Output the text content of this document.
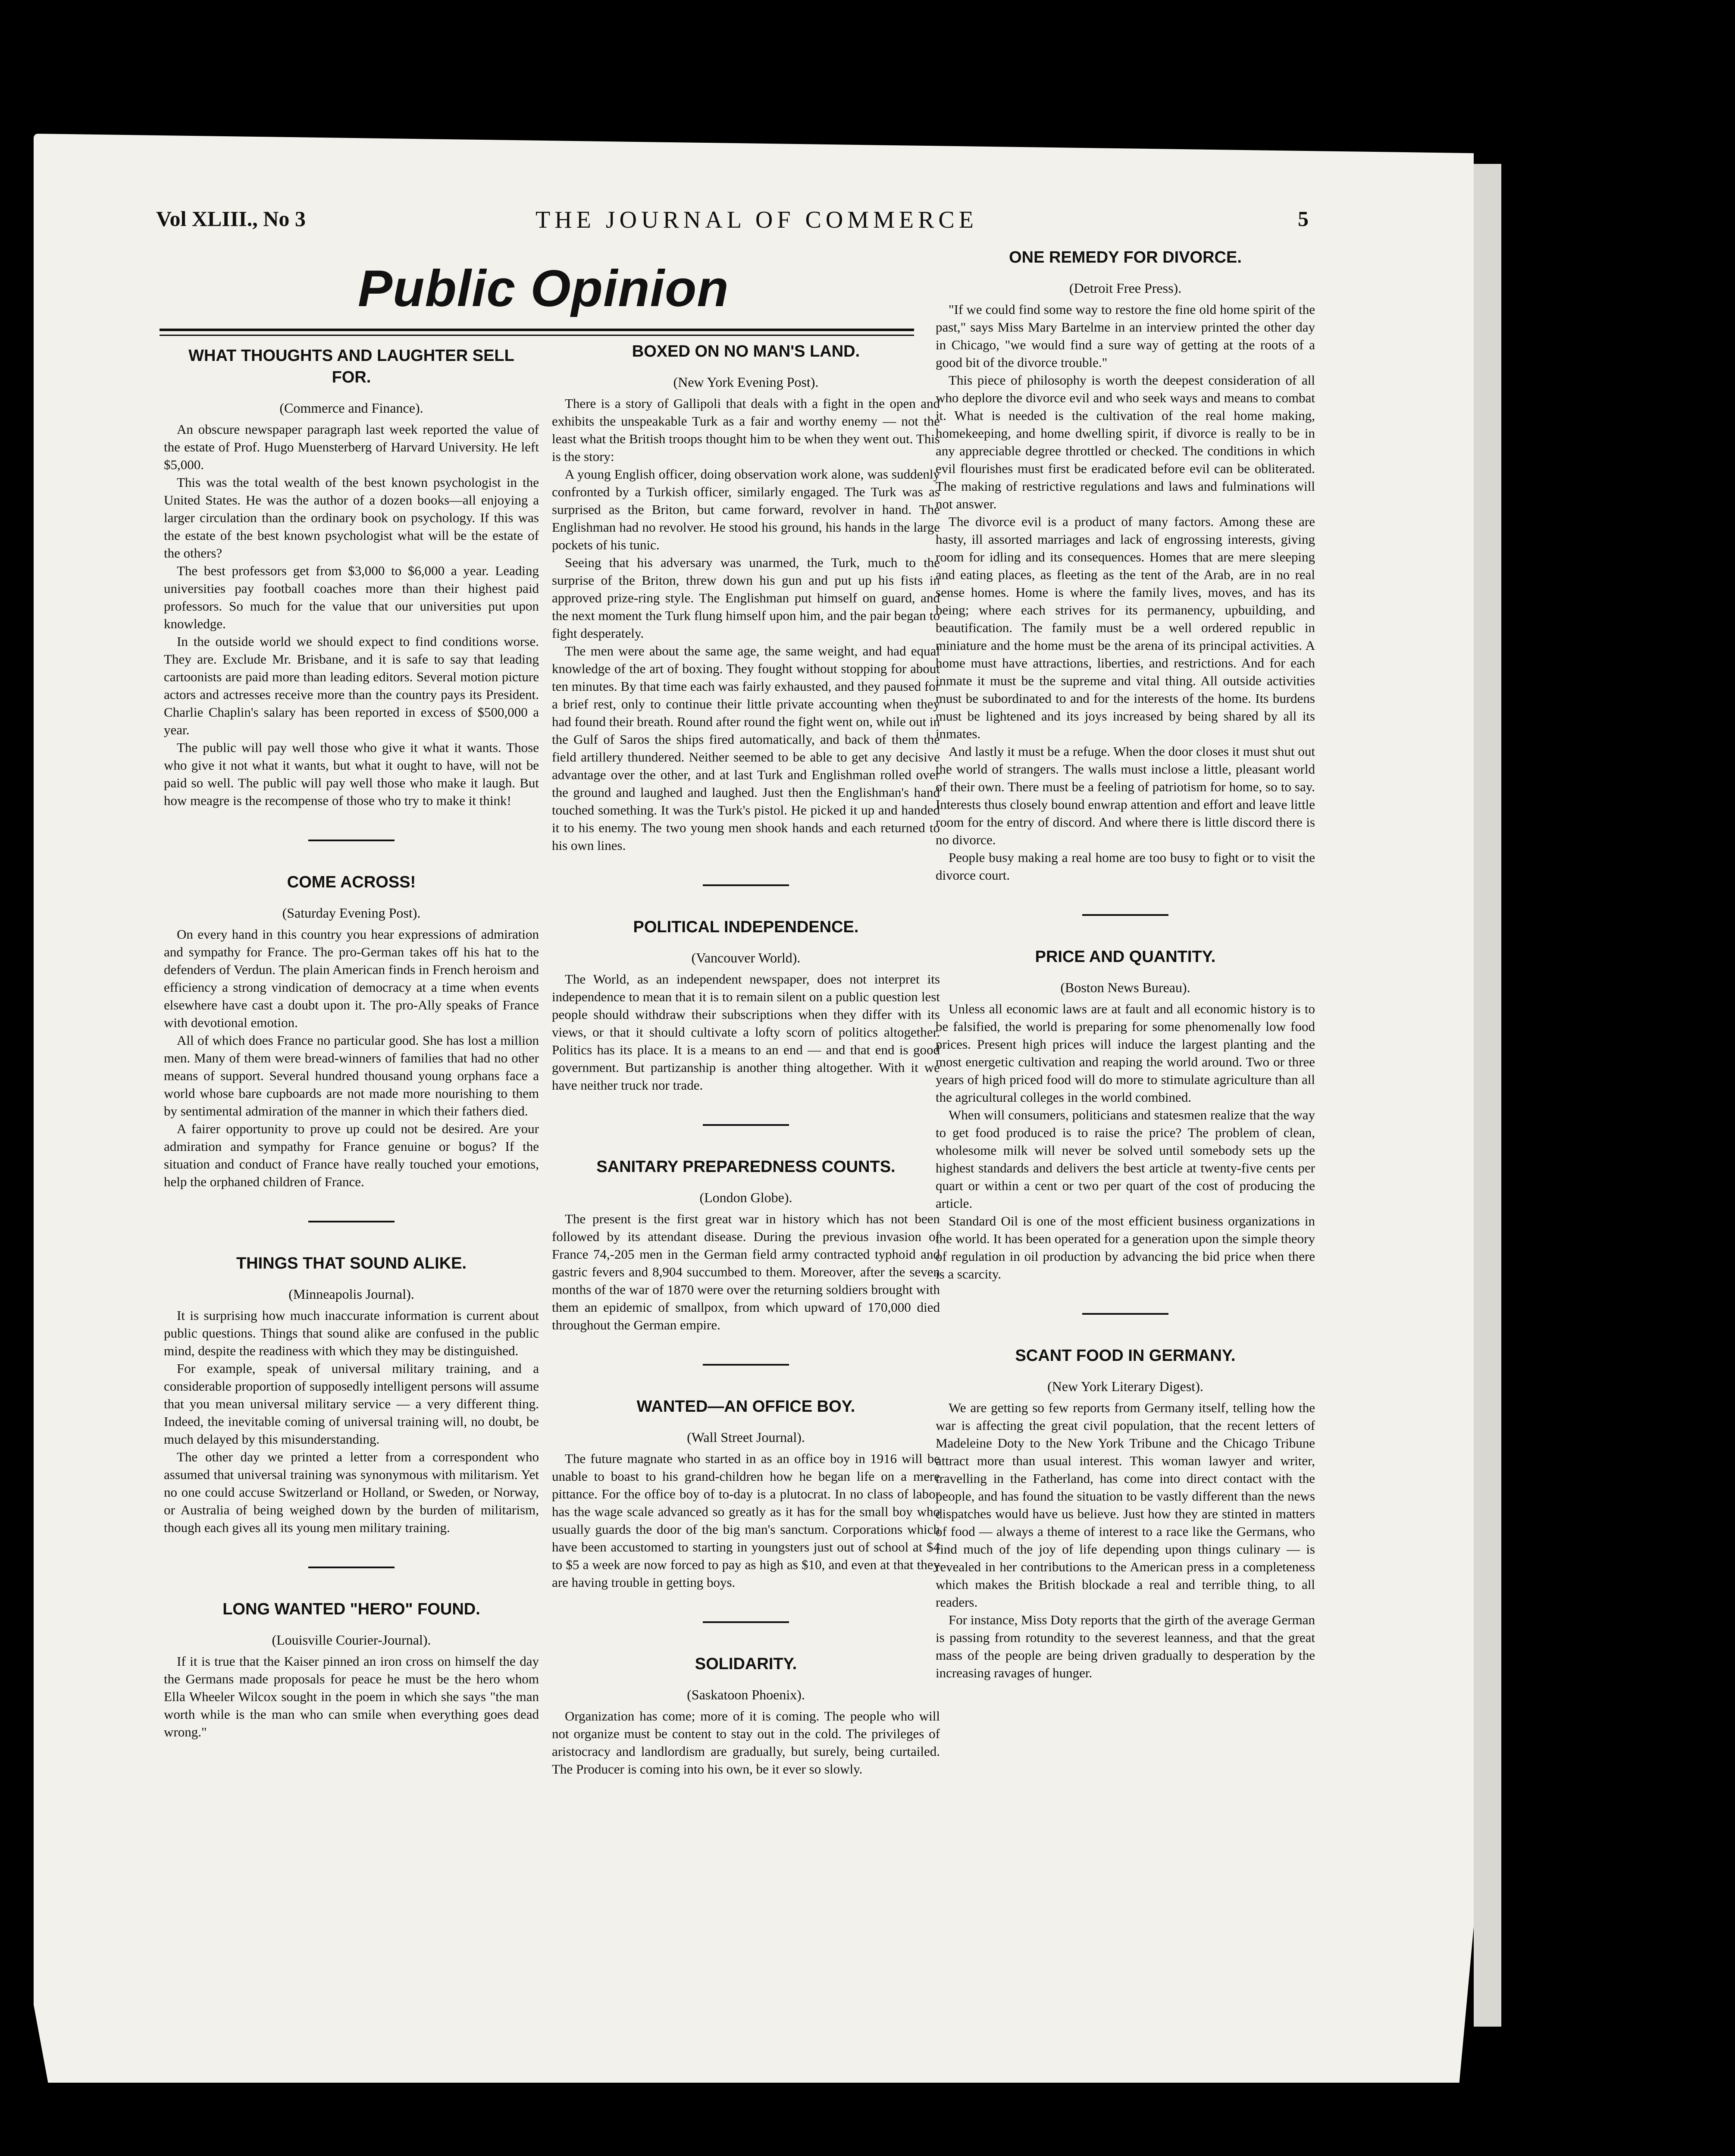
Vol XLIII., No 3	THE JOURNAL OF COMMERCE	5
Public Opinion
WHAT THOUGHTS AND LAUGHTER SELL FOR.
(Commerce and Finance).

An obscure newspaper paragraph last week reported the value of the estate of Prof. Hugo Muensterberg of Harvard University. He left $5,000.

This was the total wealth of the best known psychologist in the United States. He was the author of a dozen books—all enjoying a larger circulation than the ordinary book on psychology. If this was the estate of the best known psychologist what will be the estate of the others?

The best professors get from $3,000 to $6,000 a year. Leading universities pay football coaches more than their highest paid professors. So much for the value that our universities put upon knowledge.

In the outside world we should expect to find conditions worse. They are. Exclude Mr. Brisbane, and it is safe to say that leading cartoonists are paid more than leading editors. Several motion picture actors and actresses receive more than the country pays its President. Charlie Chaplin's salary has been reported in excess of $500,000 a year.

The public will pay well those who give it what it wants. Those who give it not what it wants, but what it ought to have, will not be paid so well. The public will pay well those who make it laugh. But how meagre is the recompense of those who try to make it think!

COME ACROSS!
(Saturday Evening Post).

On every hand in this country you hear expressions of admiration and sympathy for France. The pro-German takes off his hat to the defenders of Verdun. The plain American finds in French heroism and efficiency a strong vindication of democracy at a time when events elsewhere have cast a doubt upon it. The pro-Ally speaks of France with devotional emotion.

All of which does France no particular good. She has lost a million men. Many of them were bread-winners of families that had no other means of support. Several hundred thousand young orphans face a world whose bare cupboards are not made more nourishing to them by sentimental admiration of the manner in which their fathers died.

A fairer opportunity to prove up could not be desired. Are your admiration and sympathy for France genuine or bogus? If the situation and conduct of France have really touched your emotions, help the orphaned children of France.

THINGS THAT SOUND ALIKE.
(Minneapolis Journal).

It is surprising how much inaccurate information is current about public questions. Things that sound alike are confused in the public mind, despite the readiness with which they may be distinguished.

For example, speak of universal military training, and a considerable proportion of supposedly intelligent persons will assume that you mean universal military service — a very different thing. Indeed, the inevitable coming of universal training will, no doubt, be much delayed by this misunderstanding.

The other day we printed a letter from a correspondent who assumed that universal training was synonymous with militarism. Yet no one could accuse Switzerland or Holland, or Sweden, or Norway, or Australia of being weighed down by the burden of militarism, though each gives all its young men military training.

LONG WANTED "HERO" FOUND.
(Louisville Courier-Journal).

If it is true that the Kaiser pinned an iron cross on himself the day the Germans made proposals for peace he must be the hero whom Ella Wheeler Wilcox sought in the poem in which she says "the man worth while is the man who can smile when everything goes dead wrong."

BOXED ON NO MAN'S LAND.
(New York Evening Post).

There is a story of Gallipoli that deals with a fight in the open and exhibits the unspeakable Turk as a fair and worthy enemy — not the least what the British troops thought him to be when they went out. This is the story:

A young English officer, doing observation work alone, was suddenly confronted by a Turkish officer, similarly engaged. The Turk was as surprised as the Briton, but came forward, revolver in hand. The Englishman had no revolver. He stood his ground, his hands in the large pockets of his tunic.

Seeing that his adversary was unarmed, the Turk, much to the surprise of the Briton, threw down his gun and put up his fists in approved prize-ring style. The Englishman put himself on guard, and the next moment the Turk flung himself upon him, and the pair began to fight desperately.

The men were about the same age, the same weight, and had equal knowledge of the art of boxing. They fought without stopping for about ten minutes. By that time each was fairly exhausted, and they paused for a brief rest, only to continue their little private accounting when they had found their breath. Round after round the fight went on, while out in the Gulf of Saros the ships fired automatically, and back of them the field artillery thundered. Neither seemed to be able to get any decisive advantage over the other, and at last Turk and Englishman rolled over the ground and laughed and laughed. Just then the Englishman's hand touched something. It was the Turk's pistol. He picked it up and handed it to his enemy. The two young men shook hands and each returned to his own lines.

POLITICAL INDEPENDENCE.
(Vancouver World).

The World, as an independent newspaper, does not interpret its independence to mean that it is to remain silent on a public question lest people should withdraw their subscriptions when they differ with its views, or that it should cultivate a lofty scorn of politics altogether. Politics has its place. It is a means to an end — and that end is good government. But partizanship is another thing altogether. With it we have neither truck nor trade.

SANITARY PREPAREDNESS COUNTS.
(London Globe).

The present is the first great war in history which has not been followed by its attendant disease. During the previous invasion of France 74,-205 men in the German field army contracted typhoid and gastric fevers and 8,904 succumbed to them. Moreover, after the seven months of the war of 1870 were over the returning soldiers brought with them an epidemic of smallpox, from which upward of 170,000 died throughout the German empire.

WANTED—AN OFFICE BOY.
(Wall Street Journal).

The future magnate who started in as an office boy in 1916 will be unable to boast to his grand-children how he began life on a mere pittance. For the office boy of to-day is a plutocrat. In no class of labor has the wage scale advanced so greatly as it has for the small boy who usually guards the door of the big man's sanctum. Corporations which have been accustomed to starting in youngsters just out of school at $4 to $5 a week are now forced to pay as high as $10, and even at that they are having trouble in getting boys.

SOLIDARITY.
(Saskatoon Phoenix).

Organization has come; more of it is coming. The people who will not organize must be content to stay out in the cold. The privileges of aristocracy and landlordism are gradually, but surely, being curtailed. The Producer is coming into his own, be it ever so slowly.

ONE REMEDY FOR DIVORCE.
(Detroit Free Press).

"If we could find some way to restore the fine old home spirit of the past," says Miss Mary Bartelme in an interview printed the other day in Chicago, "we would find a sure way of getting at the roots of a good bit of the divorce trouble."

This piece of philosophy is worth the deepest consideration of all who deplore the divorce evil and who seek ways and means to combat it. What is needed is the cultivation of the real home making, homekeeping, and home dwelling spirit, if divorce is really to be in any appreciable degree throttled or checked. The conditions in which evil flourishes must first be eradicated before evil can be obliterated. The making of restrictive regulations and laws and fulminations will not answer.

The divorce evil is a product of many factors. Among these are hasty, ill assorted marriages and lack of engrossing interests, giving room for idling and its consequences. Homes that are mere sleeping and eating places, as fleeting as the tent of the Arab, are in no real sense homes. Home is where the family lives, moves, and has its being; where each strives for its permanency, upbuilding, and beautification. The family must be a well ordered republic in miniature and the home must be the arena of its principal activities. A home must have attractions, liberties, and restrictions. And for each inmate it must be the supreme and vital thing. All outside activities must be subordinated to and for the interests of the home. Its burdens must be lightened and its joys increased by being shared by all its inmates.

And lastly it must be a refuge. When the door closes it must shut out the world of strangers. The walls must inclose a little, pleasant world of their own. There must be a feeling of patriotism for home, so to say. Interests thus closely bound enwrap attention and effort and leave little room for the entry of discord. And where there is little discord there is no divorce.

People busy making a real home are too busy to fight or to visit the divorce court.

PRICE AND QUANTITY.
(Boston News Bureau).

Unless all economic laws are at fault and all economic history is to be falsified, the world is preparing for some phenomenally low food prices. Present high prices will induce the largest planting and the most energetic cultivation and reaping the world around. Two or three years of high priced food will do more to stimulate agriculture than all the agricultural colleges in the world combined.

When will consumers, politicians and statesmen realize that the way to get food produced is to raise the price? The problem of clean, wholesome milk will never be solved until somebody sets up the highest standards and delivers the best article at twenty-five cents per quart or within a cent or two per quart of the cost of producing the article.

Standard Oil is one of the most efficient business organizations in the world. It has been operated for a generation upon the simple theory of regulation in oil production by advancing the bid price when there is a scarcity.

SCANT FOOD IN GERMANY.
(New York Literary Digest).

We are getting so few reports from Germany itself, telling how the war is affecting the great civil population, that the recent letters of Madeleine Doty to the New York Tribune and the Chicago Tribune attract more than usual interest. This woman lawyer and writer, travelling in the Fatherland, has come into direct contact with the people, and has found the situation to be vastly different than the news dispatches would have us believe. Just how they are stinted in matters of food — always a theme of interest to a race like the Germans, who find much of the joy of life depending upon things culinary — is revealed in her contributions to the American press in a completeness which makes the British blockade a real and terrible thing, to all readers.

For instance, Miss Doty reports that the girth of the average German is passing from rotundity to the severest leanness, and that the great mass of the people are being driven gradually to desperation by the increasing ravages of hunger.
